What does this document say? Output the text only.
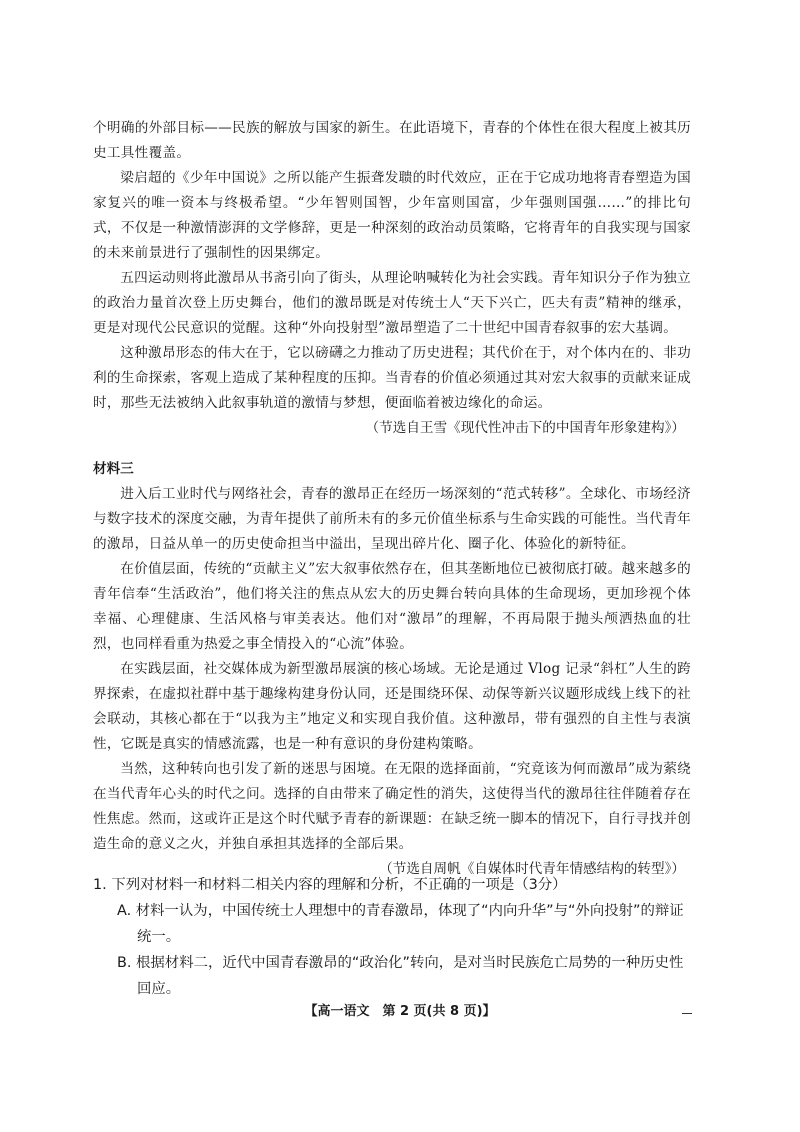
个明确的外部目标——民族的解放与国家的新生。在此语境下，青春的个体性在很大程度上被其历史工具性覆盖。

梁启超的《少年中国说》之所以能产生振聋发聩的时代效应，正在于它成功地将青春塑造为国家复兴的唯一资本与终极希望。“少年智则国智，少年富则国富，少年强则国强……”的排比句式，不仅是一种激情澎湃的文学修辞，更是一种深刻的政治动员策略，它将青年的自我实现与国家的未来前景进行了强制性的因果绑定。

五四运动则将此激昂从书斋引向了街头，从理论呐喊转化为社会实践。青年知识分子作为独立的政治力量首次登上历史舞台，他们的激昂既是对传统士人“天下兴亡，匹夫有责”精神的继承，更是对现代公民意识的觉醒。这种“外向投射型”激昂塑造了二十世纪中国青春叙事的宏大基调。

这种激昂形态的伟大在于，它以磅礴之力推动了历史进程；其代价在于，对个体内在的、非功利的生命探索，客观上造成了某种程度的压抑。当青春的价值必须通过其对宏大叙事的贡献来证成时，那些无法被纳入此叙事轨道的激情与梦想，便面临着被边缘化的命运。

（节选自王雪《现代性冲击下的中国青年形象建构》）

材料三

进入后工业时代与网络社会，青春的激昂正在经历一场深刻的“范式转移”。全球化、市场经济与数字技术的深度交融，为青年提供了前所未有的多元价值坐标系与生命实践的可能性。当代青年的激昂，日益从单一的历史使命担当中溢出，呈现出碎片化、圈子化、体验化的新特征。

在价值层面，传统的“贡献主义”宏大叙事依然存在，但其垄断地位已被彻底打破。越来越多的青年信奉“生活政治”，他们将关注的焦点从宏大的历史舞台转向具体的生命现场，更加珍视个体幸福、心理健康、生活风格与审美表达。他们对“激昂”的理解，不再局限于抛头颅洒热血的壮烈，也同样看重为热爱之事全情投入的“心流”体验。

在实践层面，社交媒体成为新型激昂展演的核心场域。无论是通过 Vlog 记录“斜杠”人生的跨界探索，在虚拟社群中基于趣缘构建身份认同，还是围绕环保、动保等新兴议题形成线上线下的社会联动，其核心都在于“以我为主”地定义和实现自我价值。这种激昂，带有强烈的自主性与表演性，它既是真实的情感流露，也是一种有意识的身份建构策略。

当然，这种转向也引发了新的迷思与困境。在无限的选择面前，“究竟该为何而激昂”成为萦绕在当代青年心头的时代之问。选择的自由带来了确定性的消失，这使得当代的激昂往往伴随着存在性焦虑。然而，这或许正是这个时代赋予青春的新课题：在缺乏统一脚本的情况下，自行寻找并创造生命的意义之火，并独自承担其选择的全部后果。

（节选自周帆《自媒体时代青年情感结构的转型》）

1. 下列对材料一和材料二相关内容的理解和分析，不正确的一项是（3分）

A. 材料一认为，中国传统士人理想中的青春激昂，体现了“内向升华”与“外向投射”的辩证
统一。

B. 根据材料二，近代中国青春激昂的“政治化”转向，是对当时民族危亡局势的一种历史性
回应。

【高一语文　第 2 页(共 8 页)】
